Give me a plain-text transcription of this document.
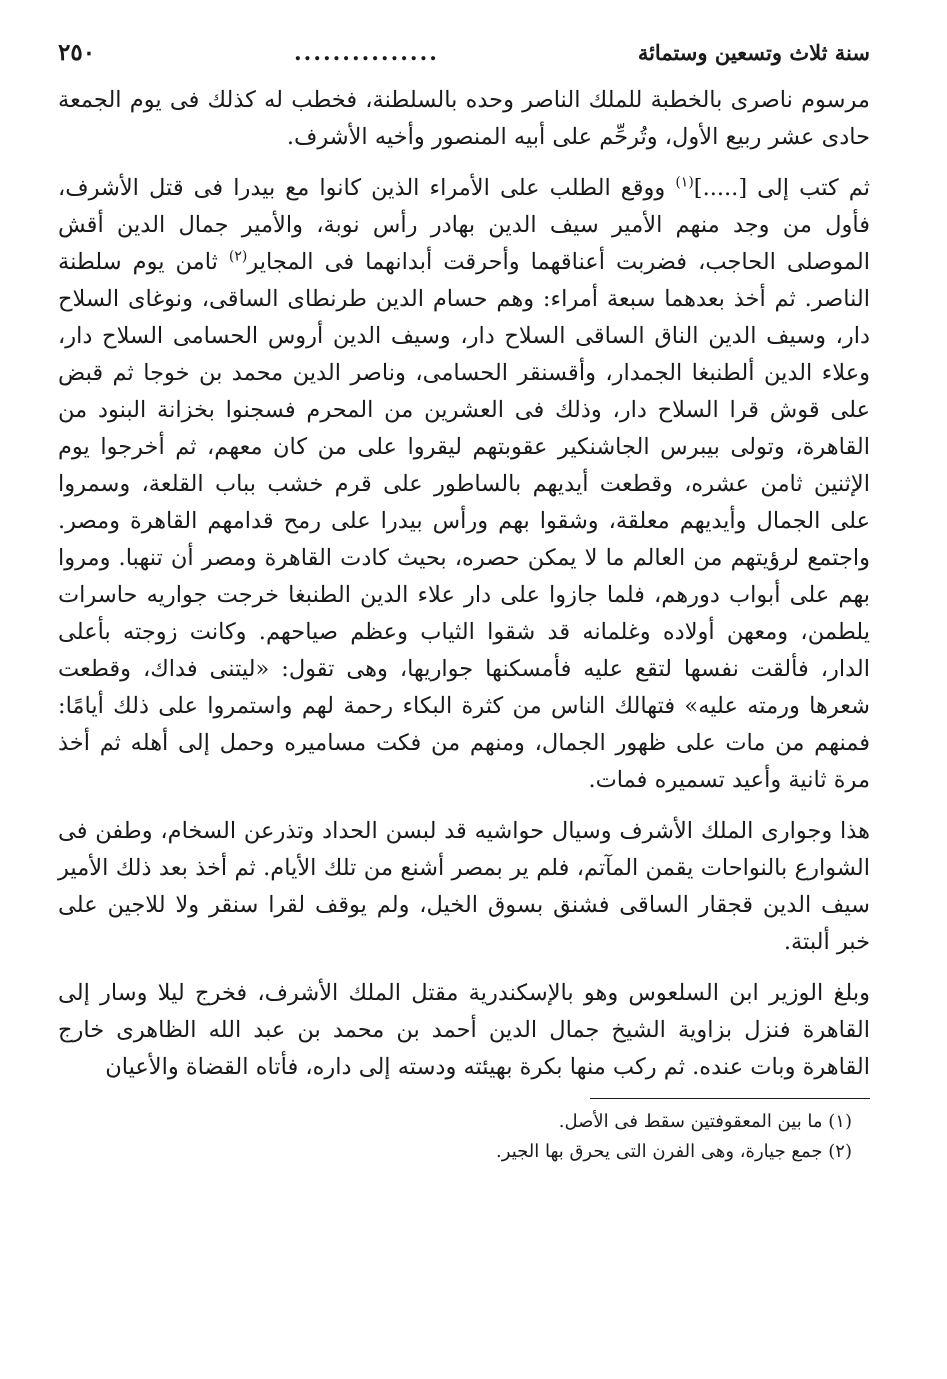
سنة ثلاث وتسعين وستمائة
...............
٢٥٠

مرسوم ناصرى بالخطبة للملك الناصر وحده بالسلطنة، فخطب له كذلك فى يوم الجمعة حادى عشر ربيع الأول، وتُرحِّم على أبيه المنصور وأخيه الأشرف.

ثم كتب إلى [.....]$^{(١)}$ ووقع الطلب على الأمراء الذين كانوا مع بيدرا فى قتل الأشرف، فأول من وجد منهم الأمير سيف الدين بهادر رأس نوبة، والأمير جمال الدين أقش الموصلى الحاجب، فضربت أعناقهما وأحرقت أبدانهما فى المجاير$^{(٢)}$ ثامن يوم سلطنة الناصر. ثم أخذ بعدهما سبعة أمراء: وهم حسام الدين طرنطاى الساقى، ونوغاى السلاح دار، وسيف الدين الناق الساقى السلاح دار، وسيف الدين أروس الحسامى السلاح دار، وعلاء الدين ألطنبغا الجمدار، وأقسنقر الحسامى، وناصر الدين محمد بن خوجا ثم قبض على قوش قرا السلاح دار، وذلك فى العشرين من المحرم فسجنوا بخزانة البنود من القاهرة، وتولى بيبرس الجاشنكير عقوبتهم ليقروا على من كان معهم، ثم أخرجوا يوم الإثنين ثامن عشره، وقطعت أيديهم بالساطور على قرم خشب بباب القلعة، وسمروا على الجمال وأيديهم معلقة، وشقوا بهم ورأس بيدرا على رمح قدامهم القاهرة ومصر. واجتمع لرؤيتهم من العالم ما لا يمكن حصره، بحيث كادت القاهرة ومصر أن تنهبا. ومروا بهم على أبواب دورهم، فلما جازوا على دار علاء الدين الطنبغا خرجت جواريه حاسرات يلطمن، ومعهن أولاده وغلمانه قد شقوا الثياب وعظم صياحهم. وكانت زوجته بأعلى الدار، فألقت نفسها لتقع عليه فأمسكنها جواريها، وهى تقول: «ليتنى فداك، وقطعت شعرها ورمته عليه» فتهالك الناس من كثرة البكاء رحمة لهم واستمروا على ذلك أيامًا: فمنهم من مات على ظهور الجمال، ومنهم من فكت مساميره وحمل إلى أهله ثم أخذ مرة ثانية وأعيد تسميره فمات.

هذا وجوارى الملك الأشرف وسيال حواشيه قد لبسن الحداد وتذرعن السخام، وطفن فى الشوارع بالنواحات يقمن المآتم، فلم ير بمصر أشنع من تلك الأيام. ثم أخذ بعد ذلك الأمير سيف الدين قجقار الساقى فشنق بسوق الخيل، ولم يوقف لقرا سنقر ولا للاجين على خبر ألبتة.

وبلغ الوزير ابن السلعوس وهو بالإسكندرية مقتل الملك الأشرف، فخرج ليلا وسار إلى القاهرة فنزل بزاوية الشيخ جمال الدين أحمد بن محمد بن عبد الله الظاهرى خارج القاهرة وبات عنده. ثم ركب منها بكرة بهيئته ودسته إلى داره، فأتاه القضاة والأعيان

(١) ما بين المعقوفتين سقط فى الأصل.

(٢) جمع جيارة، وهى الفرن التى يحرق بها الجير.
